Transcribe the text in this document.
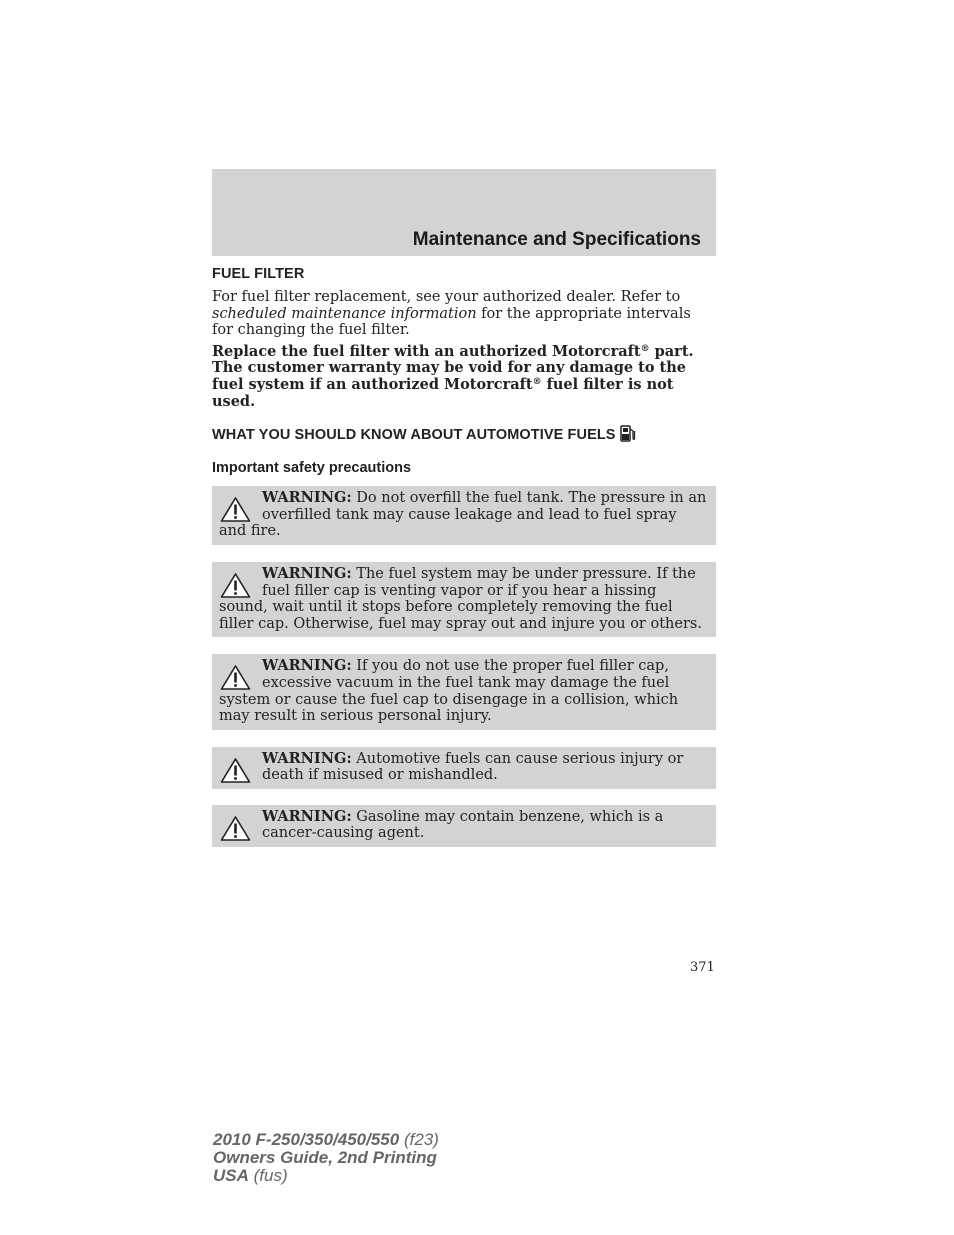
Maintenance and Specifications
FUEL FILTER

For fuel filter replacement, see your authorized dealer. Refer to scheduled maintenance information for the appropriate intervals for changing the fuel filter.

Replace the fuel filter with an authorized Motorcraft® part. The customer warranty may be void for any damage to the fuel system if an authorized Motorcraft® fuel filter is not used.

WHAT YOU SHOULD KNOW ABOUT AUTOMOTIVE FUELS
Important safety precautions
WARNING: Do not overfill the fuel tank. The pressure in an overfilled tank may cause leakage and lead to fuel spray and fire.
WARNING: The fuel system may be under pressure. If the fuel filler cap is venting vapor or if you hear a hissing sound, wait until it stops before completely removing the fuel filler cap. Otherwise, fuel may spray out and injure you or others.
WARNING: If you do not use the proper fuel filler cap, excessive vacuum in the fuel tank may damage the fuel system or cause the fuel cap to disengage in a collision, which may result in serious personal injury.
WARNING: Automotive fuels can cause serious injury or death if misused or mishandled.
WARNING: Gasoline may contain benzene, which is a cancer-causing agent.
371
2010 F-250/350/450/550 (f23)
Owners Guide, 2nd Printing
USA (fus)
